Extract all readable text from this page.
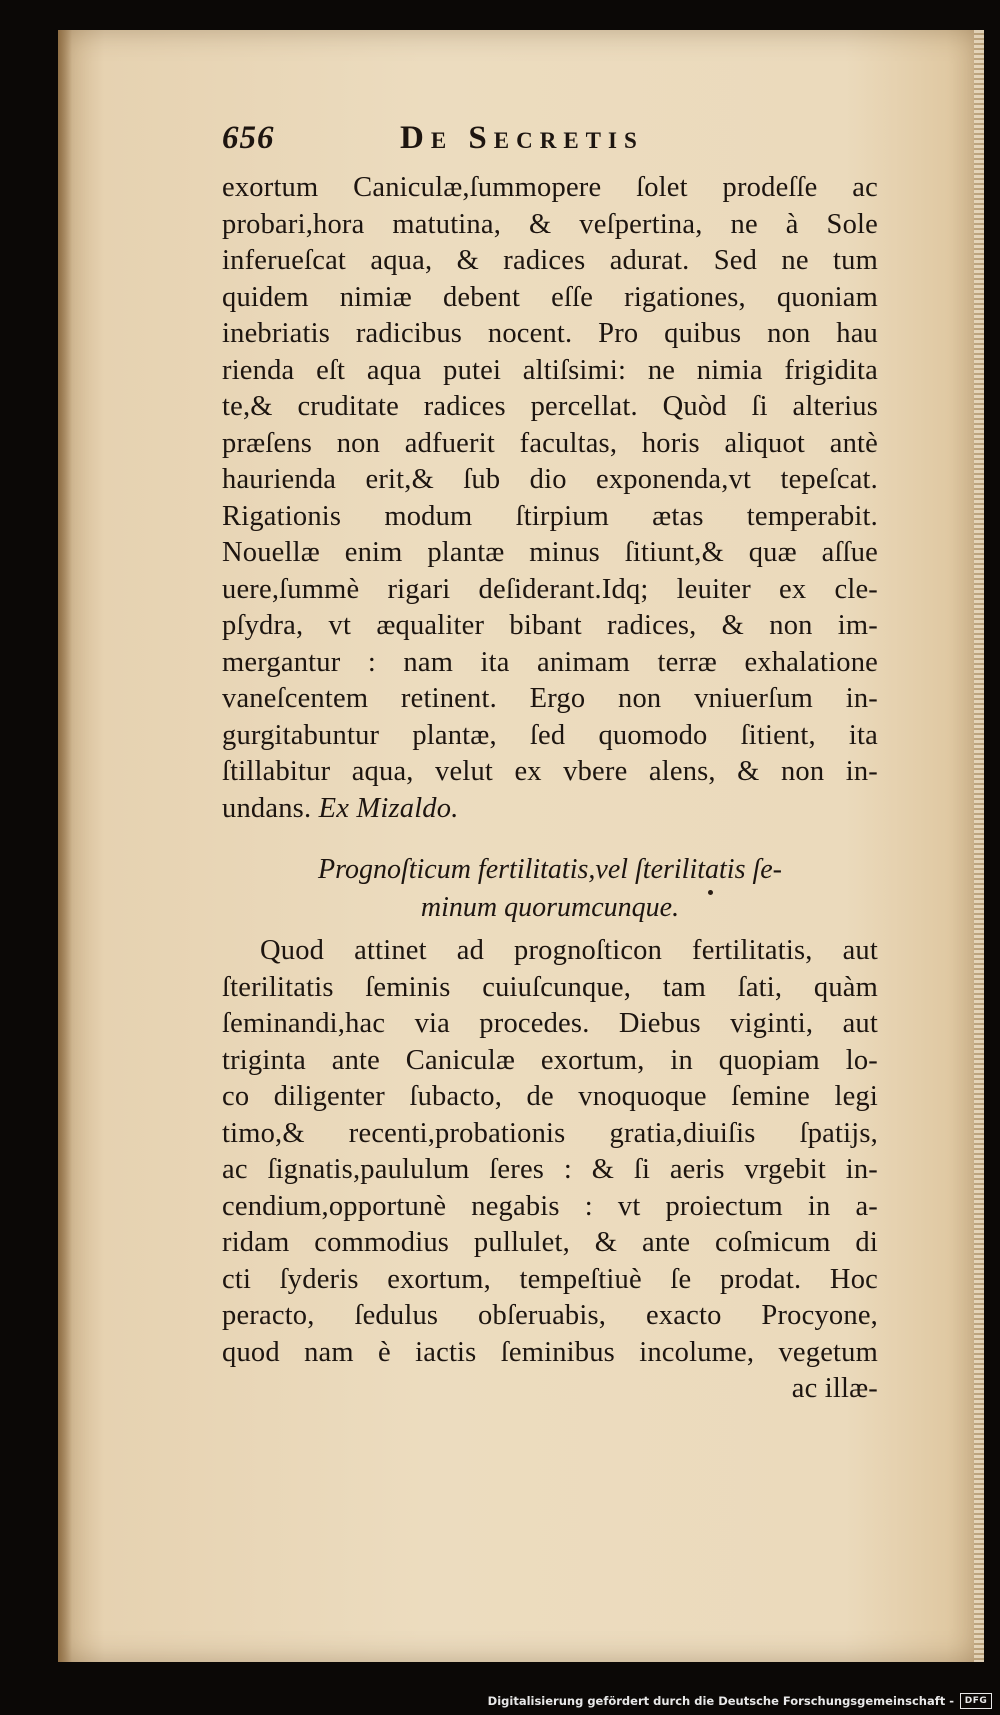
656	De Secretis
exortum Caniculæ,ſummopere ſolet prodeſſe ac
probari,hora matutina, & veſpertina, ne à Sole
inferueſcat aqua, & radices adurat. Sed ne tum
quidem nimiæ debent eſſe rigationes, quoniam
inebriatis radicibus nocent. Pro quibus non hau
rienda eſt aqua putei altiſsimi: ne nimia frigidita
te,& cruditate radices percellat. Quòd ſi alterius
præſens non adfuerit facultas, horis aliquot antè
haurienda erit,& ſub dio exponenda,vt tepeſcat.
Rigationis modum ſtirpium ætas temperabit.
Nouellæ enim plantæ minus ſitiunt,& quæ aſſue
uere,ſummè rigari deſiderant.Idq; leuiter ex cle-
pſydra, vt æqualiter bibant radices, & non im-
mergantur : nam ita animam terræ exhalatione
vaneſcentem retinent. Ergo non vniuerſum in-
gurgitabuntur plantæ, ſed quomodo ſitient, ita
ſtillabitur aqua, velut ex vbere alens, & non in-
undans. Ex Mizaldo.
Prognoſticum fertilitatis,vel ſterilitatis ſe-
minum quorumcunque.
Quod attinet ad prognoſticon fertilitatis, aut
ſterilitatis ſeminis cuiuſcunque, tam ſati, quàm
ſeminandi,hac via procedes. Diebus viginti, aut
triginta ante Caniculæ exortum, in quopiam lo-
co diligenter ſubacto, de vnoquoque ſemine legi
timo,& recenti,probationis gratia,diuiſis ſpatijs,
ac ſignatis,paululum ſeres : & ſi aeris vrgebit in-
cendium,opportunè negabis : vt proiectum in a-
ridam commodius pullulet, & ante coſmicum di
cti ſyderis exortum, tempeſtiuè ſe prodat. Hoc
peracto, ſedulus obſeruabis, exacto Procyone,
quod nam è iactis ſeminibus incolume, vegetum
ac illæ-
Digitalisierung gefördert durch die Deutsche Forschungsgemeinschaft -	DFG
